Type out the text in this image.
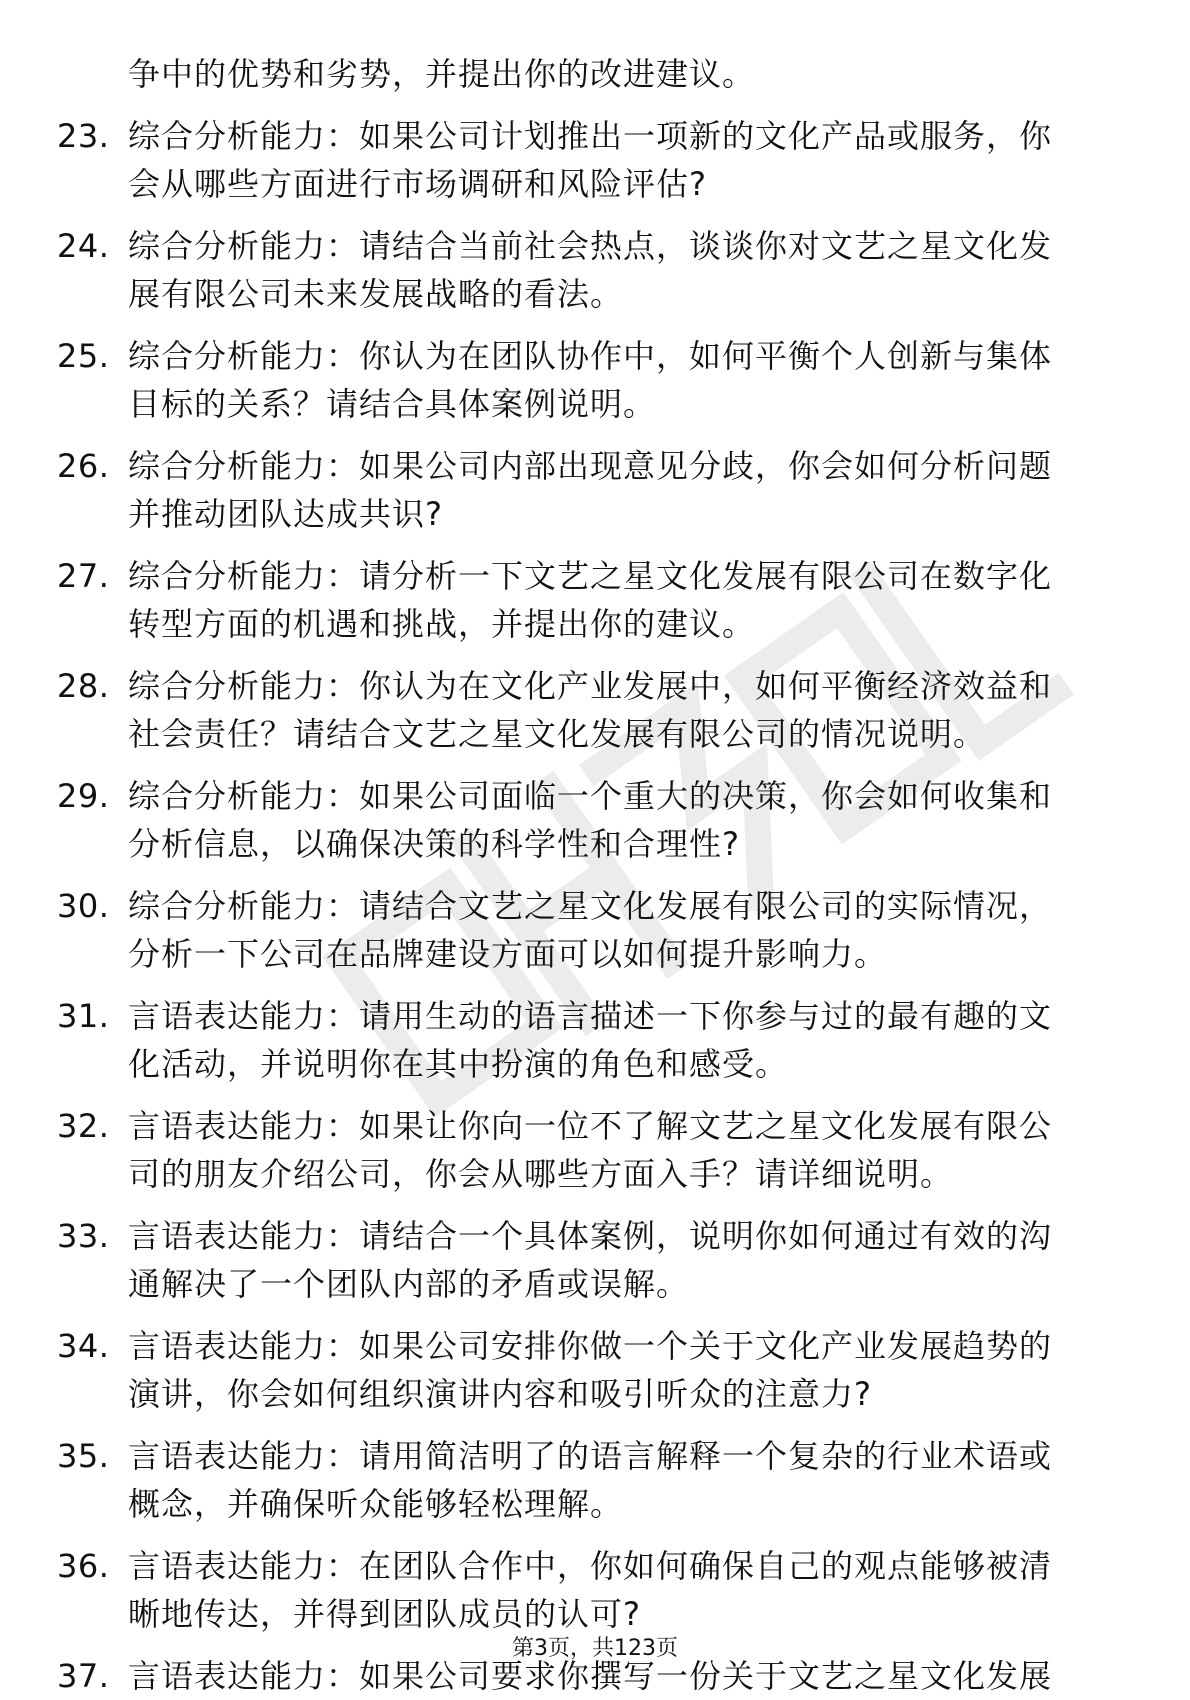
争中的优势和劣势，并提出你的改进建议。
23. 综合分析能力：如果公司计划推出一项新的文化产品或服务，你
会从哪些方面进行市场调研和风险评估?
24. 综合分析能力：请结合当前社会热点，谈谈你对文艺之星文化发
展有限公司未来发展战略的看法。
25. 综合分析能力：你认为在团队协作中，如何平衡个人创新与集体
目标的关系？请结合具体案例说明。
26. 综合分析能力：如果公司内部出现意见分歧，你会如何分析问题
并推动团队达成共识?
27. 综合分析能力：请分析一下文艺之星文化发展有限公司在数字化
转型方面的机遇和挑战，并提出你的建议。
28. 综合分析能力：你认为在文化产业发展中，如何平衡经济效益和
社会责任？请结合文艺之星文化发展有限公司的情况说明。
29. 综合分析能力：如果公司面临一个重大的决策，你会如何收集和
分析信息，以确保决策的科学性和合理性?
30. 综合分析能力：请结合文艺之星文化发展有限公司的实际情况，
分析一下公司在品牌建设方面可以如何提升影响力。
31. 言语表达能力：请用生动的语言描述一下你参与过的最有趣的文
化活动，并说明你在其中扮演的角色和感受。
32. 言语表达能力：如果让你向一位不了解文艺之星文化发展有限公
司的朋友介绍公司，你会从哪些方面入手？请详细说明。
33. 言语表达能力：请结合一个具体案例，说明你如何通过有效的沟
通解决了一个团队内部的矛盾或误解。
34. 言语表达能力：如果公司安排你做一个关于文化产业发展趋势的
演讲，你会如何组织演讲内容和吸引听众的注意力?
35. 言语表达能力：请用简洁明了的语言解释一个复杂的行业术语或
概念，并确保听众能够轻松理解。
36. 言语表达能力：在团队合作中，你如何确保自己的观点能够被清
晰地传达，并得到团队成员的认可?
37. 言语表达能力：如果公司要求你撰写一份关于文艺之星文化发展
第3页，共123页
